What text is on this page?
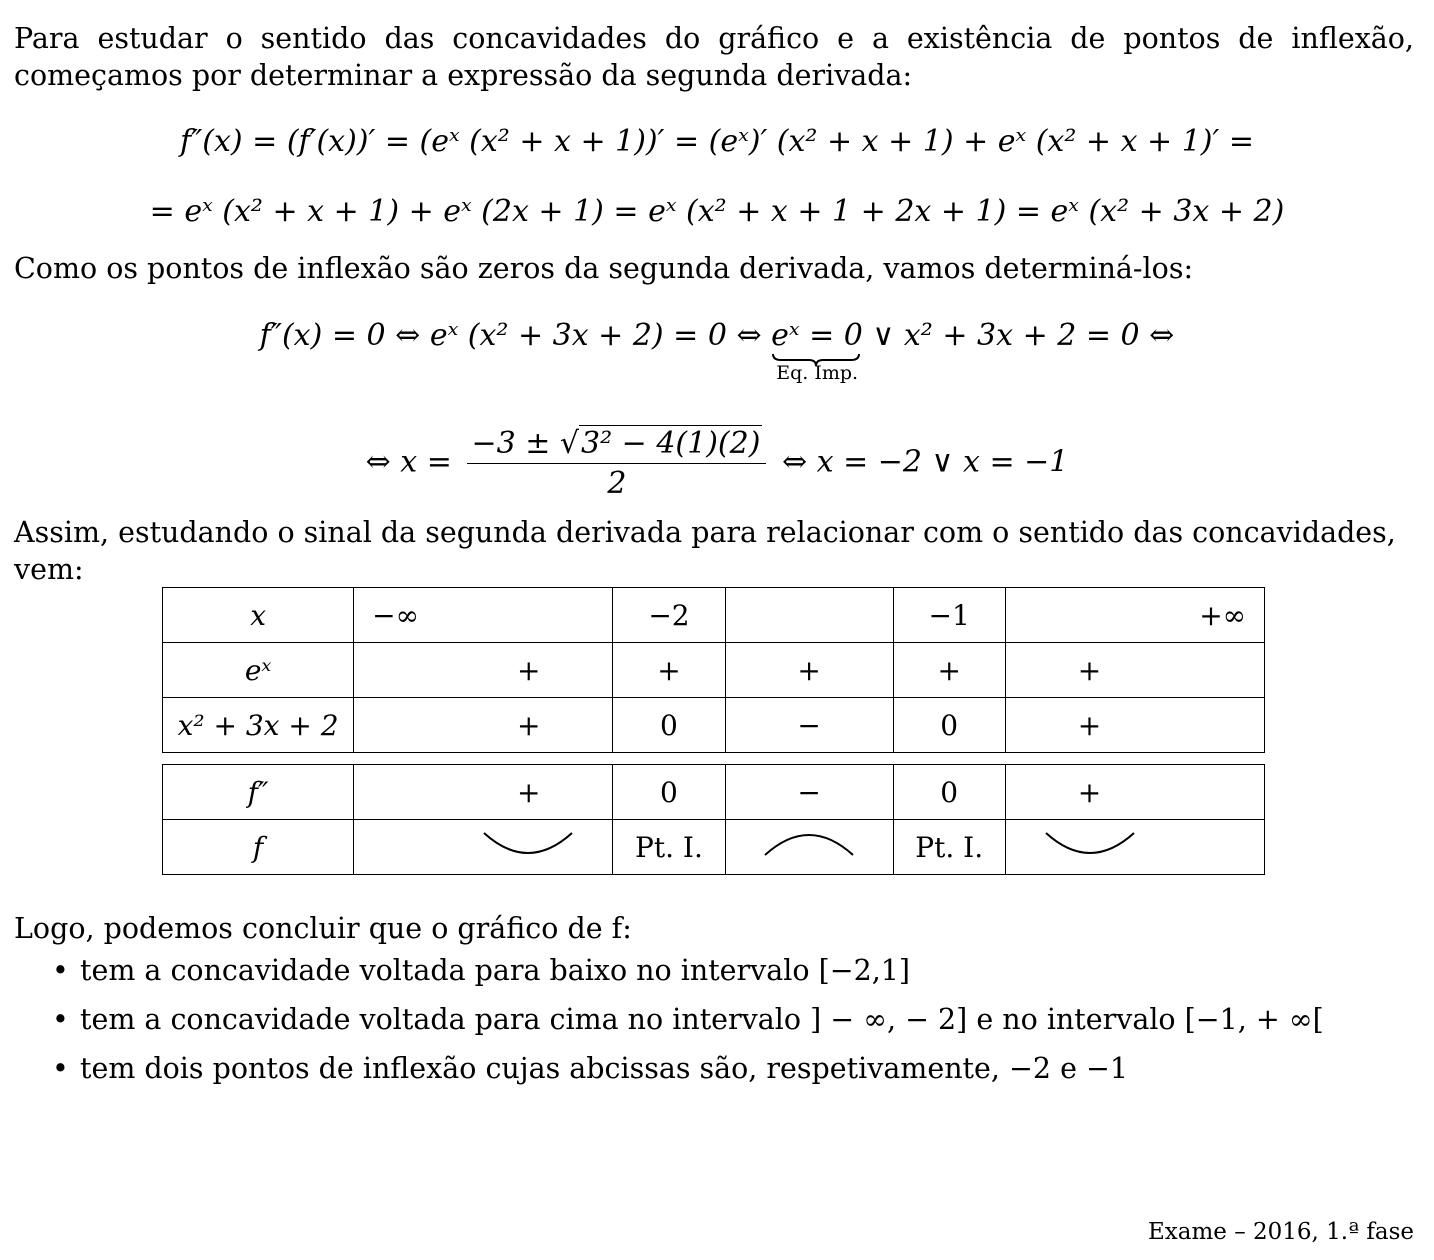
Para estudar o sentido das concavidades do gráfico e a existência de pontos de inflexão, começamos por determinar a expressão da segunda derivada:
f″(x) = (f′(x))′ = (eˣ (x² + x + 1))′ = (eˣ)′ (x² + x + 1) + eˣ (x² + x + 1)′ =
= eˣ (x² + x + 1) + eˣ (2x + 1) = eˣ (x² + x + 1 + 2x + 1) = eˣ (x² + 3x + 2)
Como os pontos de inflexão são zeros da segunda derivada, vamos determiná-los:
f″(x) = 0 ⇔ eˣ (x² + 3x + 2) = 0 ⇔ eˣ = 0
Eq. Imp.
∨ x² + 3x + 2 = 0 ⇔
⇔ $x = \frac{\text{−3 ± √3² − 4(1)(2)}}{2}$ ⇔ x = −2 ∨ x = −1
Assim, estudando o sinal da segunda derivada para relacionar com o sentido das concavidades, vem:
x	−∞	−2		−1	+∞
eˣ	+	+	+	+	+
x² + 3x + 2	+	0	−	0	+
f″	+	0	−	0	+
f		Pt. I.		Pt. I.	
Logo, podemos concluir que o gráfico de f:
• tem a concavidade voltada para baixo no intervalo [−2,1]
• tem a concavidade voltada para cima no intervalo ] − ∞, − 2] e no intervalo [−1, + ∞[
• tem dois pontos de inflexão cujas abcissas são, respetivamente, −2 e −1
Exame – 2016, 1.ª fase
